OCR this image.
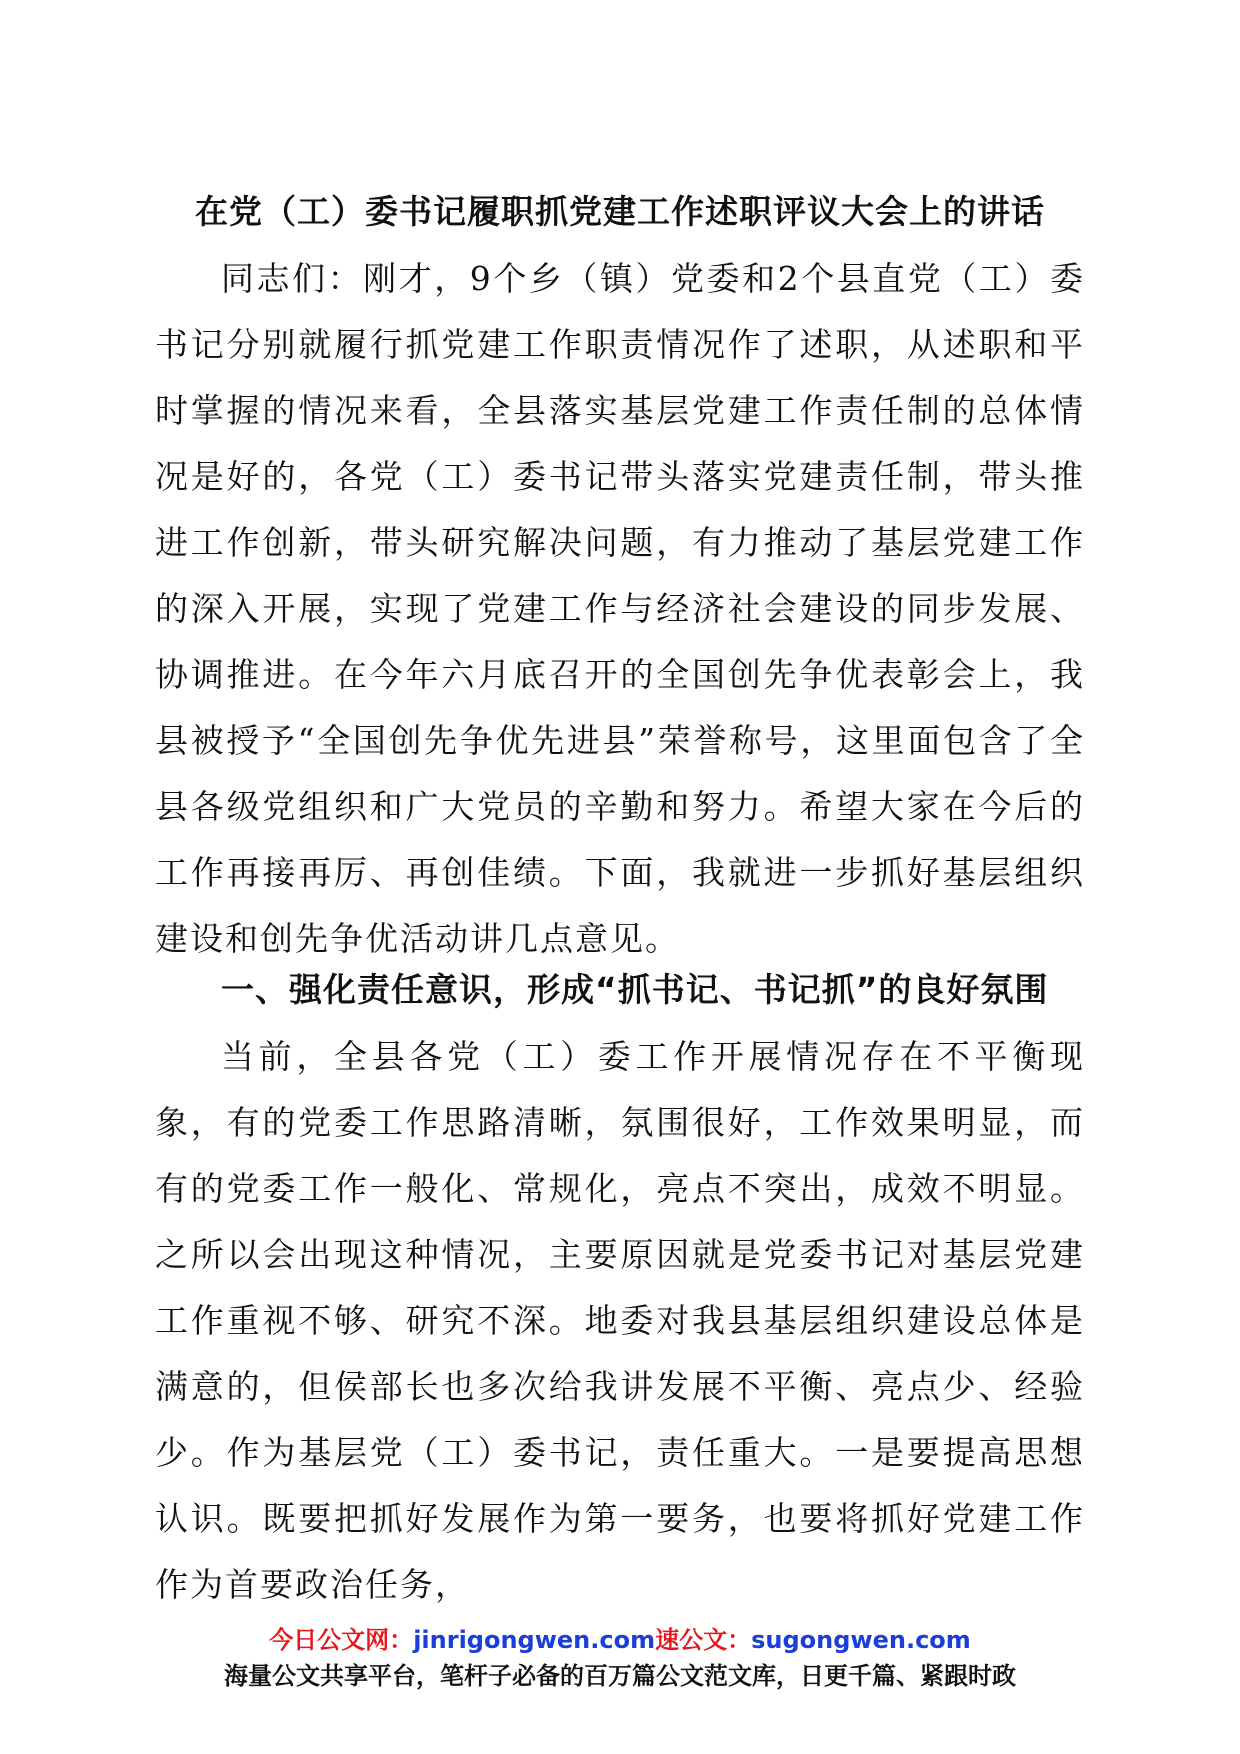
在党（工）委书记履职抓党建工作述职评议大会上的讲话

同志们：刚才，9个乡（镇）党委和2个县直党（工）委书记分别就履行抓党建工作职责情况作了述职，从述职和平时掌握的情况来看，全县落实基层党建工作责任制的总体情况是好的，各党（工）委书记带头落实党建责任制，带头推进工作创新，带头研究解决问题，有力推动了基层党建工作的深入开展，实现了党建工作与经济社会建设的同步发展、协调推进。在今年六月底召开的全国创先争优表彰会上，我县被授予“全国创先争优先进县”荣誉称号，这里面包含了全县各级党组织和广大党员的辛勤和努力。希望大家在今后的工作再接再厉、再创佳绩。下面，我就进一步抓好基层组织建设和创先争优活动讲几点意见。

一、强化责任意识，形成“抓书记、书记抓”的良好氛围

当前，全县各党（工）委工作开展情况存在不平衡现象，有的党委工作思路清晰，氛围很好，工作效果明显，而有的党委工作一般化、常规化，亮点不突出，成效不明显。之所以会出现这种情况，主要原因就是党委书记对基层党建工作重视不够、研究不深。地委对我县基层组织建设总体是满意的，但侯部长也多次给我讲发展不平衡、亮点少、经验少。作为基层党（工）委书记，责任重大。一是要提高思想认识。既要把抓好发展作为第一要务，也要将抓好党建工作作为首要政治任务，

今日公文网：jinrigongwen.com速公文：sugongwen.com
海量公文共享平台，笔杆子必备的百万篇公文范文库，日更千篇、紧跟时政
